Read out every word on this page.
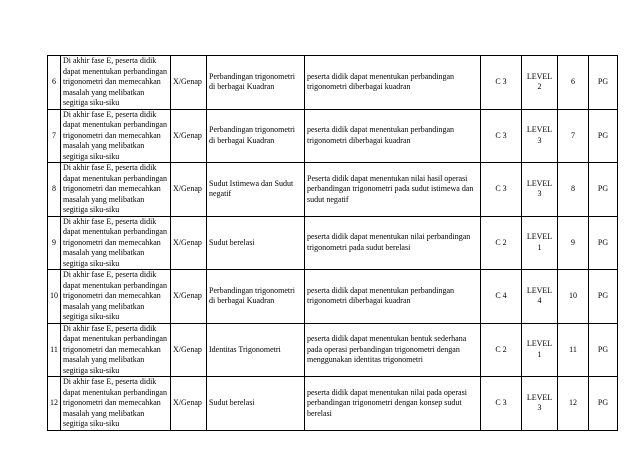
6	Di akhir fase E, peserta didik dapat menentukan perbandingan trigonometri dan memecahkan masalah yang melibatkan segitiga siku-siku	X/Genap	Perbandingan trigonometri di berbagai Kuadran	peserta didik dapat menentukan perbandingan trigonometri diberbagai kuadran	C 3	LEVEL 2	6	PG
7	Di akhir fase E, peserta didik dapat menentukan perbandingan trigonometri dan memecahkan masalah yang melibatkan segitiga siku-siku	X/Genap	Perbandingan trigonometri di berbagai Kuadran	peserta didik dapat menentukan perbandingan trigonometri diberbagai kuadran	C 3	LEVEL 3	7	PG
8	Di akhir fase E, peserta didik dapat menentukan perbandingan trigonometri dan memecahkan masalah yang melibatkan segitiga siku-siku	X/Genap	Sudut Istimewa dan Sudut negatif	Peserta didik dapat menentukan nilai hasil operasi perbandingan trigonometri pada sudut istimewa dan sudut negatif	C 3	LEVEL 3	8	PG
9	Di akhir fase E, peserta didik dapat menentukan perbandingan trigonometri dan memecahkan masalah yang melibatkan segitiga siku-siku	X/Genap	Sudut berelasi	peserta didik dapat menentukan nilai perbandingan trigonometri pada sudut berelasi	C 2	LEVEL 1	9	PG
10	Di akhir fase E, peserta didik dapat menentukan perbandingan trigonometri dan memecahkan masalah yang melibatkan segitiga siku-siku	X/Genap	Perbandingan trigonometri di berbagai Kuadran	peserta didik dapat menentukan perbandingan trigonometri diberbagai kuadran	C 4	LEVEL 4	10	PG
11	Di akhir fase E, peserta didik dapat menentukan perbandingan trigonometri dan memecahkan masalah yang melibatkan segitiga siku-siku	X/Genap	Identitas Trigonometri	peserta didik dapat menentukan bentuk sederhana pada operasi perbandingan trigonometri dengan menggunakan identitas trigonometri	C 2	LEVEL 1	11	PG
12	Di akhir fase E, peserta didik dapat menentukan perbandingan trigonometri dan memecahkan masalah yang melibatkan segitiga siku-siku	X/Genap	Sudut berelasi	peserta didik dapat menentukan nilai pada operasi perbandingan trigonometri dengan konsep sudut berelasi	C 3	LEVEL 3	12	PG
